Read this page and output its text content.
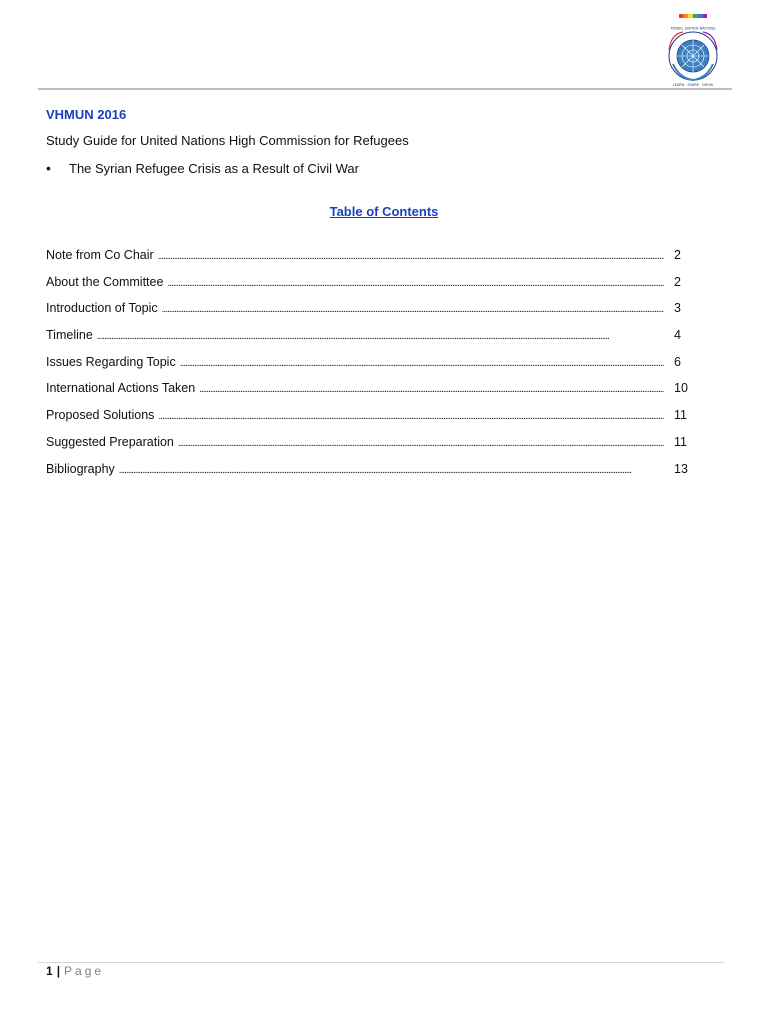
LEARN · SHARE · GROW
MODEL UNITED NATIONS
VHMUN 2016
Study Guide for United Nations High Commission for Refugees
•	The Syrian Refugee Crisis as a Result of Civil War
Table of Contents
Note from Co Chair .....	2
About the Committee .....	2
Introduction of Topic .....	3
Timeline .....	4
Issues Regarding Topic .....	6
International Actions Taken .....	10
Proposed Solutions .....	11
Suggested Preparation .....	11
Bibliography .....	13
1 | Page
